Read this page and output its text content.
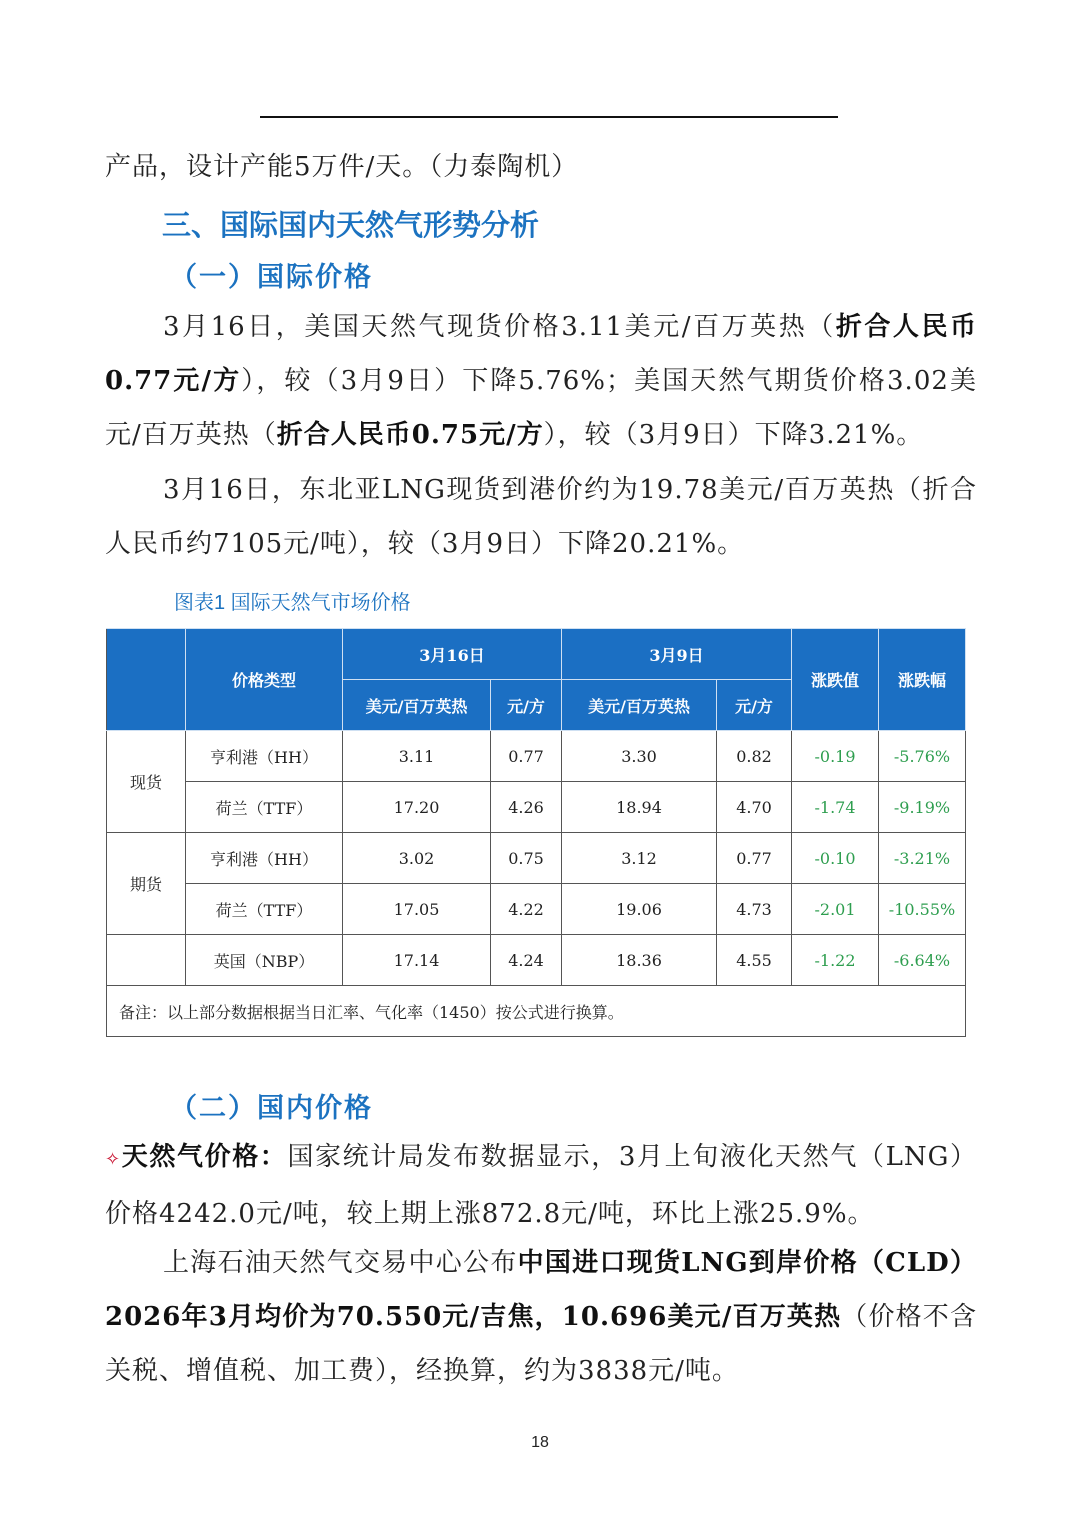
产品，设计产能5万件/天。（力泰陶机）

三、国际国内天然气形势分析
（一）国际价格

3月16日，美国天然气现货价格3.11美元/百万英热（折合人民币0.77元/方），较（3月9日）下降5.76%；美国天然气期货价格3.02美元/百万英热（折合人民币0.75元/方），较（3月9日）下降3.21%。

3月16日，东北亚LNG现货到港价约为19.78美元/百万英热（折合人民币约7105元/吨），较（3月9日）下降20.21%。

图表1 国际天然气市场价格

	价格类型	3月16日		3月9日		涨跌值	涨跌幅
		美元/百万英热	元/方	美元/百万英热	元/方		
现货	亨利港（HH）	3.11	0.77	3.30	0.82	-0.19	-5.76%
	荷兰（TTF）	17.20	4.26	18.94	4.70	-1.74	-9.19%
期货	亨利港（HH）	3.02	0.75	3.12	0.77	-0.10	-3.21%
	荷兰（TTF）	17.05	4.22	19.06	4.73	-2.01	-10.55%
	英国（NBP）	17.14	4.24	18.36	4.55	-1.22	-6.64%
备注：以上部分数据根据当日汇率、气化率（1450）按公式进行换算。							
（二）国内价格

✧天然气价格：国家统计局发布数据显示，3月上旬液化天然气（LNG）价格4242.0元/吨，较上期上涨872.8元/吨，环比上涨25.9%。

上海石油天然气交易中心公布中国进口现货LNG到岸价格（CLD）2026年3月均价为70.550元/吉焦，10.696美元/百万英热（价格不含关税、增值税、加工费），经换算，约为3838元/吨。

18
